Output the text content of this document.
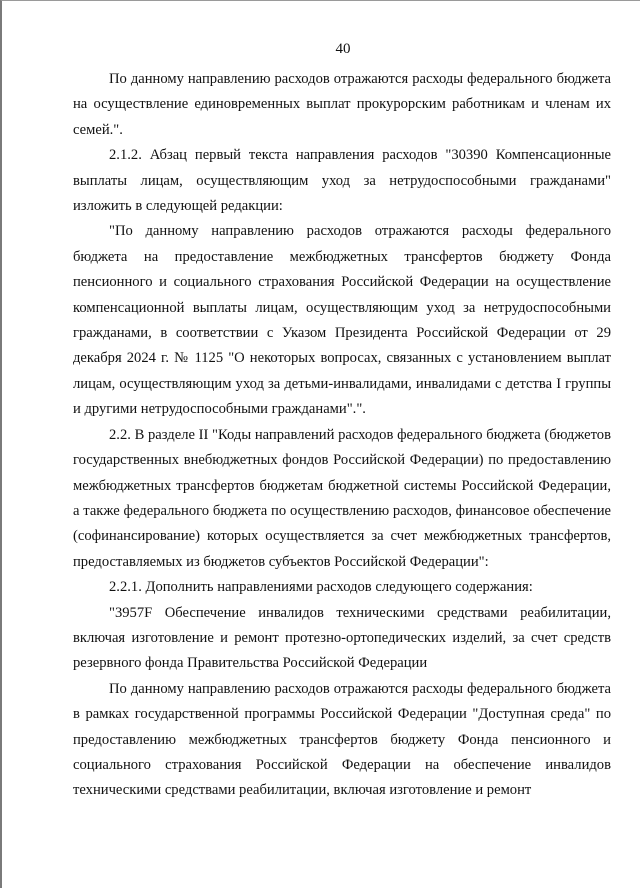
40

По данному направлению расходов отражаются расходы федерального бюджета на осуществление единовременных выплат прокурорским работникам и членам их семей.".

2.1.2. Абзац первый текста направления расходов "30390 Компенсационные выплаты лицам, осуществляющим уход за нетрудоспособными гражданами" изложить в следующей редакции:

"По данному направлению расходов отражаются расходы федерального бюджета на предоставление межбюджетных трансфертов бюджету Фонда пенсионного и социального страхования Российской Федерации на осуществление компенсационной выплаты лицам, осуществляющим уход за нетрудоспособными гражданами, в соответствии с Указом Президента Российской Федерации от 29 декабря 2024 г. № 1125 "О некоторых вопросах, связанных с установлением выплат лицам, осуществляющим уход за детьми-инвалидами, инвалидами с детства I группы и другими нетрудоспособными гражданами".".

2.2. В разделе II "Коды направлений расходов федерального бюджета (бюджетов государственных внебюджетных фондов Российской Федерации) по предоставлению межбюджетных трансфертов бюджетам бюджетной системы Российской Федерации, а также федерального бюджета по осуществлению расходов, финансовое обеспечение (софинансирование) которых осуществляется за счет межбюджетных трансфертов, предоставляемых из бюджетов субъектов Российской Федерации":

2.2.1. Дополнить направлениями расходов следующего содержания:

"3957F Обеспечение инвалидов техническими средствами реабилитации, включая изготовление и ремонт протезно-ортопедических изделий, за счет средств резервного фонда Правительства Российской Федерации

По данному направлению расходов отражаются расходы федерального бюджета в рамках государственной программы Российской Федерации "Доступная среда" по предоставлению межбюджетных трансфертов бюджету Фонда пенсионного и социального страхования Российской Федерации на обеспечение инвалидов техническими средствами реабилитации, включая изготовление и ремонт
